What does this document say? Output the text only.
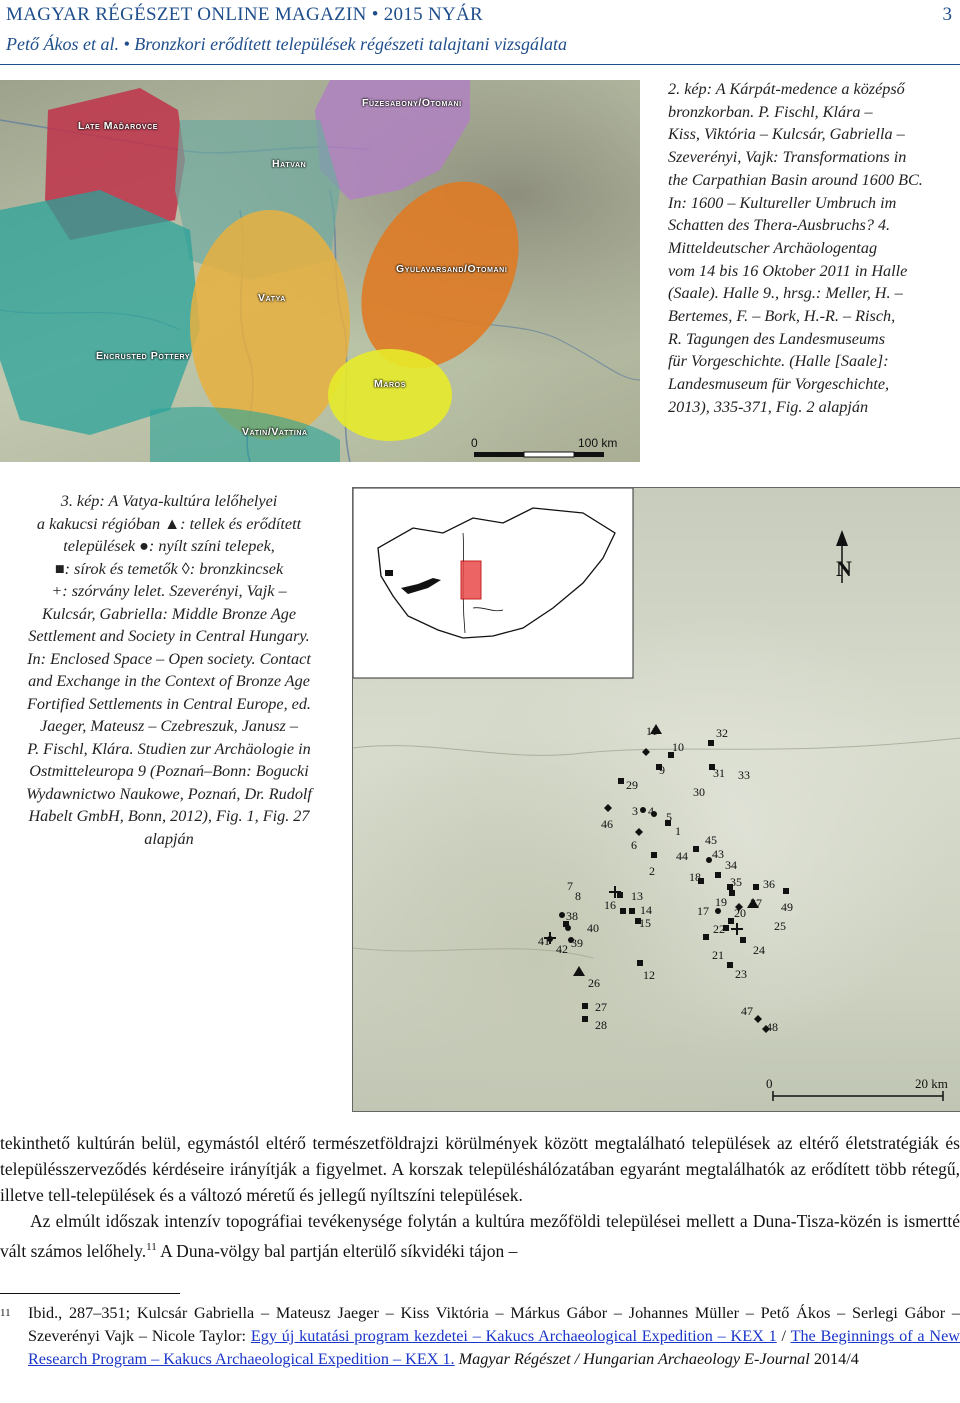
MAGYAR RÉGÉSZET ONLINE MAGAZIN • 2015 NYÁR	3
Pető Ákos et al. • Bronzkori erődített települések régészeti talajtani vizsgálata
Late Maďarovce
Hatvan
Füzesabony/Otomani
Vatya
Gyulavarsand/Otomani
Encrusted Pottery
Maros
Vatin/Vattina
0	100 km
2. kép: A Kárpát-medence a középső
bronzkorban. P. Fischl, Klára –
Kiss, Viktória – Kulcsár, Gabriella –
Szeverényi, Vajk: Transformations in
the Carpathian Basin around 1600 BC.
In: 1600 – Kultureller Umbruch im
Schatten des Thera-Ausbruchs? 4.
Mitteldeutscher Archäologentag
vom 14 bis 16 Oktober 2011 in Halle
(Saale). Halle 9., hrsg.: Meller, H. –
Bertemes, F. – Bork, H.-R. – Risch,
R. Tagungen des Landesmuseums
für Vorgeschichte. (Halle [Saale]:
Landesmuseum für Vorgeschichte,
2013), 335-371, Fig. 2 alapján
3. kép: A Vatya-kultúra lelőhelyei
a kakucsi régióban ▲: tellek és erődített
települések ●: nyílt színi telepek,
■: sírok és temetők ◊: bronzkincsek
+: szórvány lelet. Szeverényi, Vajk –
Kulcsár, Gabriella: Middle Bronze Age
Settlement and Society in Central Hungary.
In: Enclosed Space – Open society. Contact
and Exchange in the Context of Bronze Age
Fortified Settlements in Central Europe, ed.
Jaeger, Mateusz – Czebreszuk, Janusz –
P. Fischl, Klára. Studien zur Archäologie in
Ostmitteleuropa 9 (Poznań–Bonn: Bogucki
Wydawnictwo Naukowe, Poznań, Dr. Rudolf
Habelt GmbH, Bonn, 2012), Fig. 1, Fig. 27
alapján
N
11	32
10
9	31 33
29	30
3 4 5
46	1
6	45
44 43
34
2	18 35 36
7
8
16
13	19 37 49
14	17 20
38	15	25
40	22
41
42 39	24
21
26
12	23
27
28
47
48
0	20 km

tekinthető kultúrán belül, egymástól eltérő természetföldrajzi körülmények között megtalálható települések az eltérő életstratégiák és településszerveződés kérdéseire irányítják a figyelmet. A korszak településhálózatában egyaránt megtalálhatók az erődített több rétegű, illetve tell-települések és a változó méretű és jellegű nyíltszíni települések.

Az elmúlt időszak intenzív topográfiai tevékenysége folytán a kultúra mezőföldi települései mellett a Duna-Tisza-közén is ismertté vált számos lelőhely.$^{11}$ A Duna-völgy bal partján elterülő síkvidéki tájon –

11	Ibid., 287–351; Kulcsár Gabriella – Mateusz Jaeger – Kiss Viktória – Márkus Gábor – Johannes Müller – Pető Ákos – Serlegi Gábor – Szeverényi Vajk – Nicole Taylor: Egy új kutatási program kezdetei – Kakucs Archaeological Expedition – KEX 1 / The Beginnings of a New Research Program – Kakucs Archaeological Expedition – KEX 1. Magyar Régészet / Hungarian Archaeology E-Journal 2014/4
